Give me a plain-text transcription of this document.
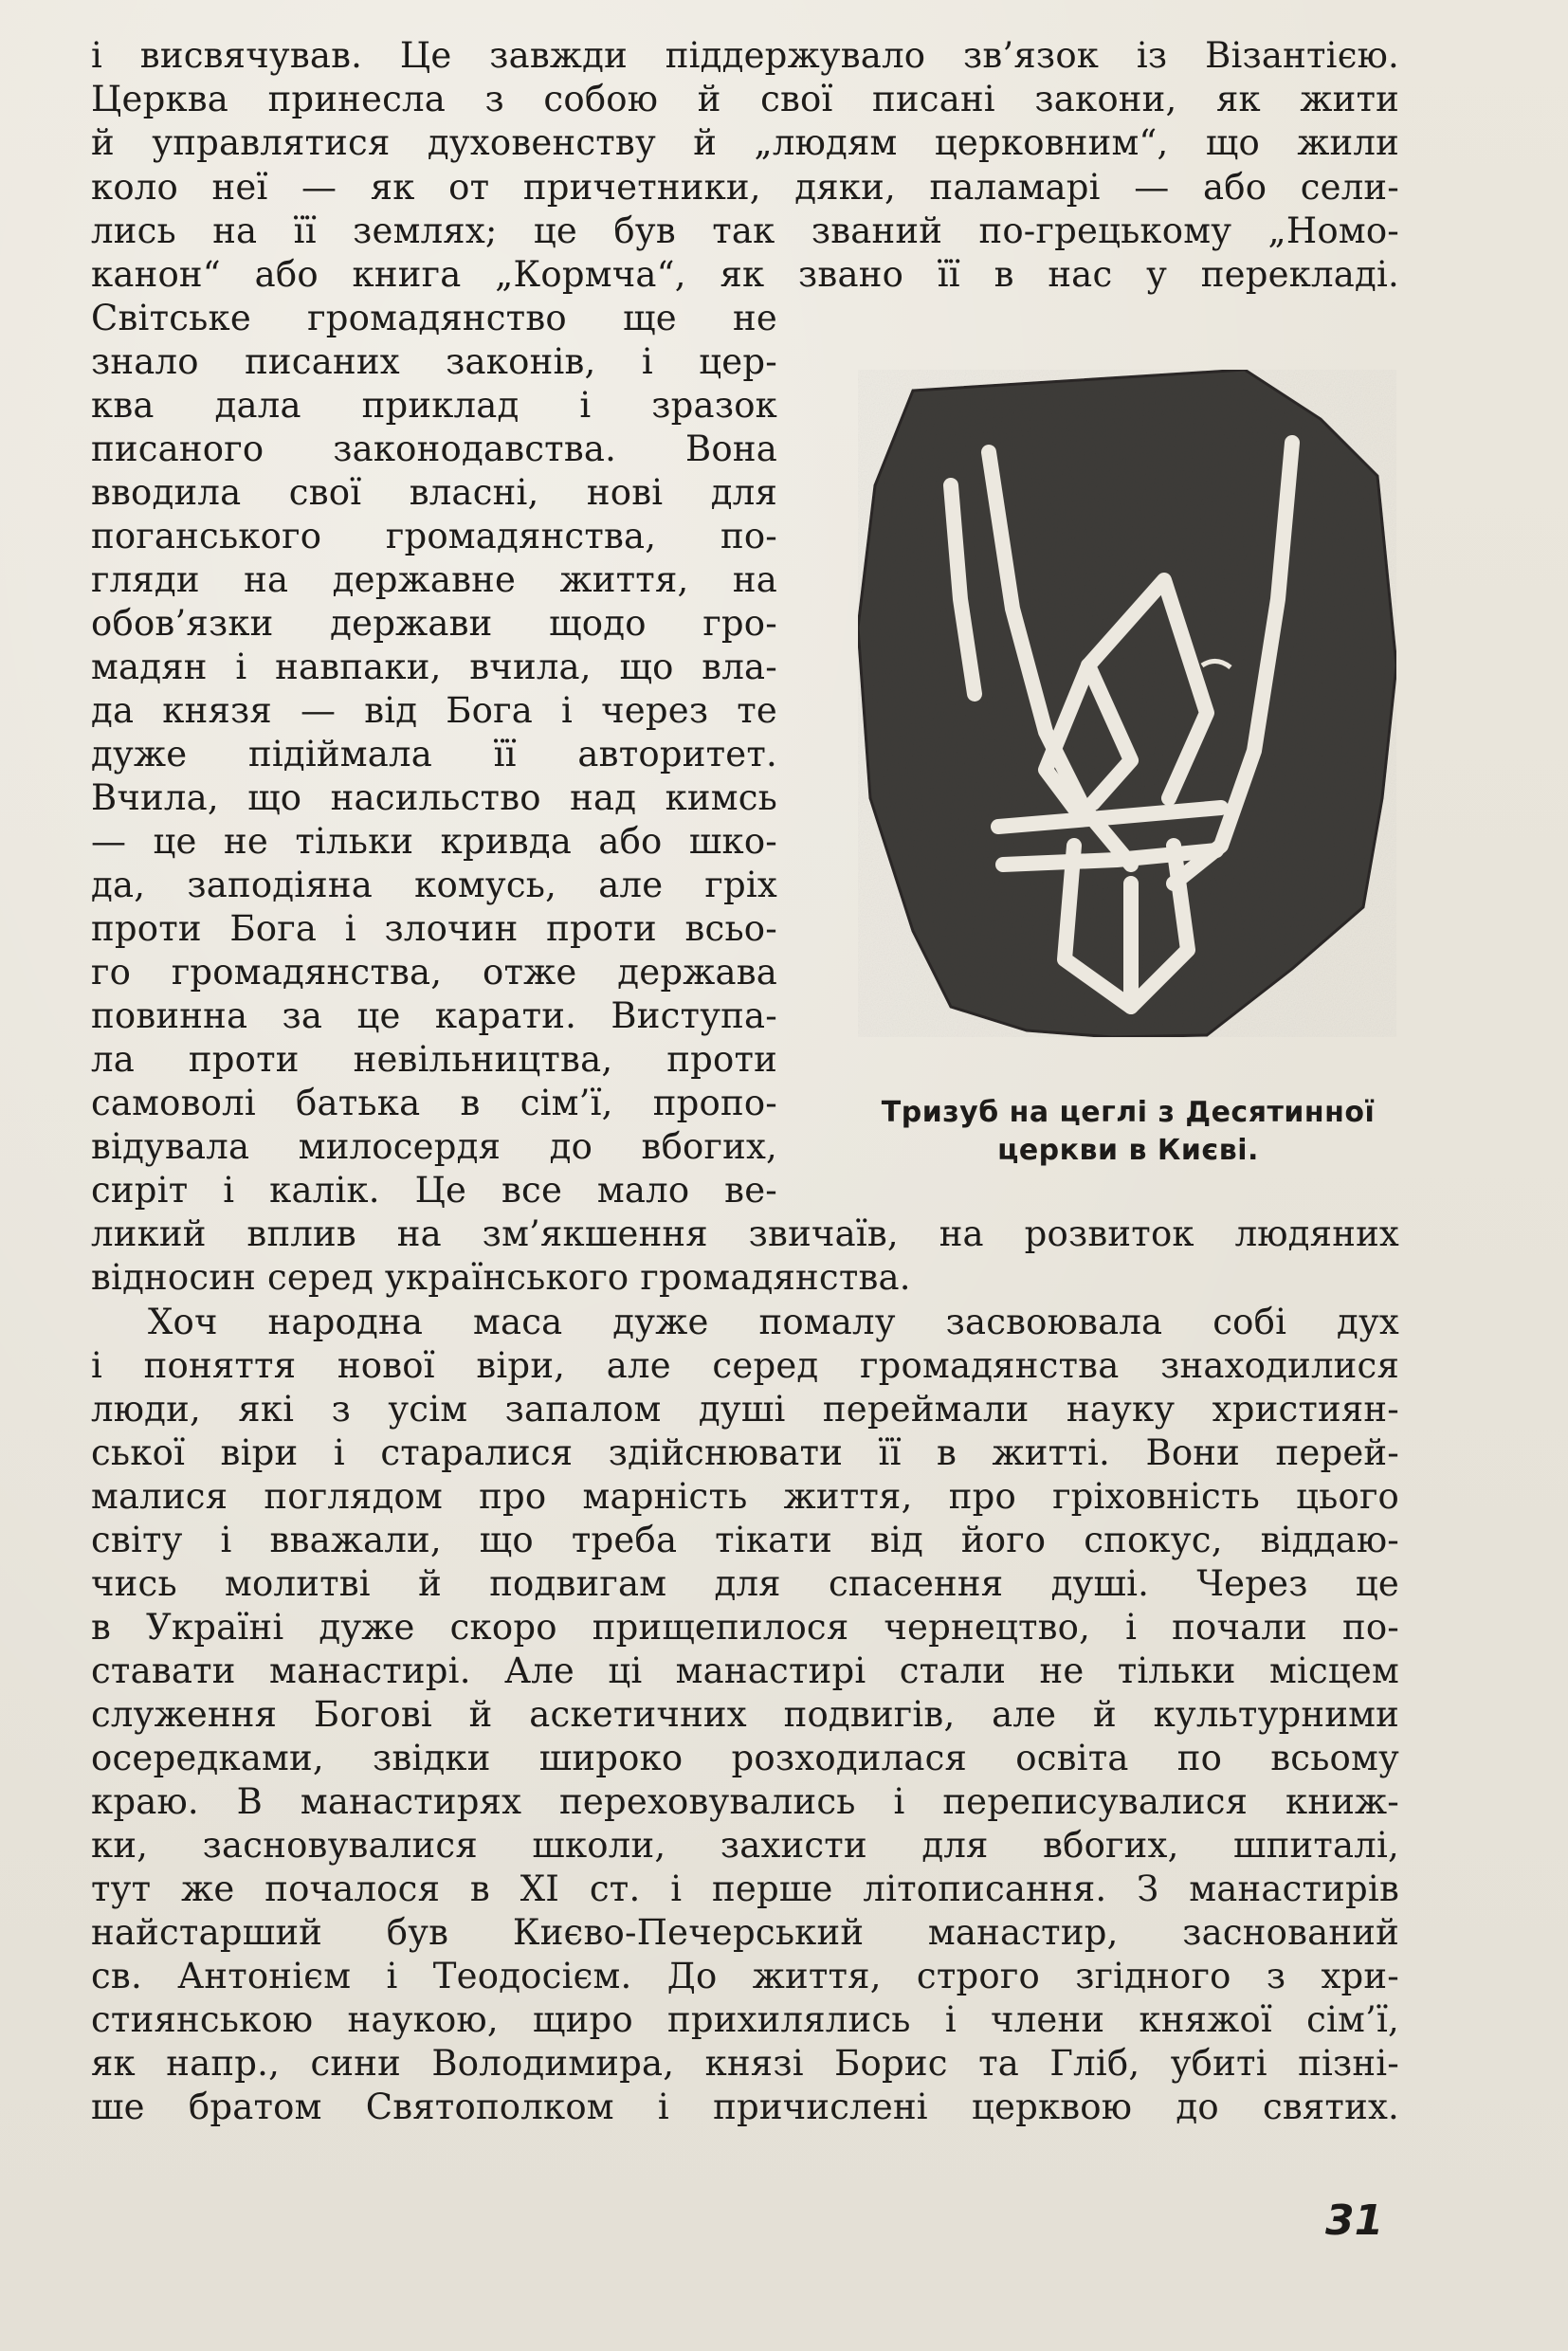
і висвячував. Це завжди піддержувало зв’язок із Візантією.
Церква принесла з собою й свої писані закони, як жити
й управлятися духовенству й „людям церковним“, що жили
коло неї — як от причетники, дяки, паламарі — або сели-
лись на її землях; це був так званий по-грецькому „Номо-
канон“ або книга „Кормча“, як звано її в нас у перекладі.
Світське громадянство ще не
знало писаних законів, і цер-
ква дала приклад і зразок
писаного законодавства. Вона
вводила свої власні, нові для
поганського громадянства, по-
гляди на державне життя, на
обов’язки держави щодо гро-
мадян і навпаки, вчила, що вла-
да князя — від Бога і через те
дуже підіймала її авторитет.
Вчила, що насильство над кимсь
— це не тільки кривда або шко-
да, заподіяна комусь, але гріх
проти Бога і злочин проти всьо-
го громадянства, отже держава
повинна за це карати. Виступа-
ла проти невільництва, проти
самоволі батька в сім’ї, пропо-
відувала милосердя до вбогих,
сиріт і калік. Це все мало ве-
Тризуб на цеглі з Десятинної
церкви в Києві.
ликий вплив на зм’якшення звичаїв, на розвиток людяних
відносин серед українського громадянства.
Хоч народна маса дуже помалу засвоювала собі дух
і поняття нової віри, але серед громадянства знаходилися
люди, які з усім запалом душі переймали науку християн-
ської віри і старалися здійснювати її в житті. Вони перей-
малися поглядом про марність життя, про гріховність цього
світу і вважали, що треба тікати від його спокус, віддаю-
чись молитві й подвигам для спасення душі. Через це
в Україні дуже скоро прищепилося чернецтво, і почали по-
ставати манастирі. Але ці манастирі стали не тільки місцем
служення Богові й аскетичних подвигів, але й культурними
осередками, звідки широко розходилася освіта по всьому
краю. В манастирях переховувались і переписувалися книж-
ки, засновувалися школи, захисти для вбогих, шпиталі,
тут же почалося в XI ст. і перше літописання. З манастирів
найстарший був Києво-Печерський манастир, заснований
св. Антонієм і Теодосієм. До життя, строго згідного з хри-
стиянською наукою, щиро прихилялись і члени княжої сім’ї,
як напр., сини Володимира, князі Борис та Гліб, убиті пізні-
ше братом Святополком і причислені церквою до святих.
31
